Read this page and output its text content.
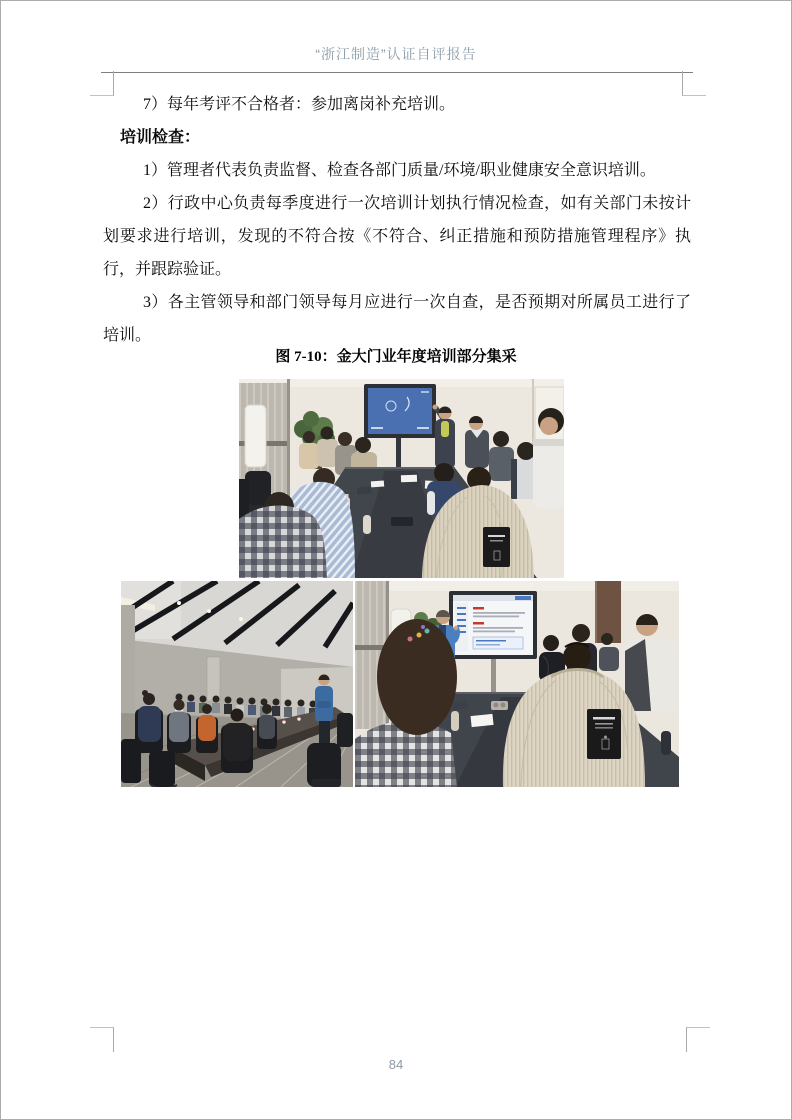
“浙江制造”认证自评报告

7）每年考评不合格者：参加离岗补充培训。

培训检查：

1）管理者代表负责监督、检查各部门质量/环境/职业健康安全意识培训。

2）行政中心负责每季度进行一次培训计划执行情况检查，如有关部门未按计划要求进行培训，发现的不符合按《不符合、纠正措施和预防措施管理程序》执行，并跟踪验证。

3）各主管领导和部门领导每月应进行一次自查，是否预期对所属员工进行了培训。

图 7-10：金大门业年度培训部分集采
84
